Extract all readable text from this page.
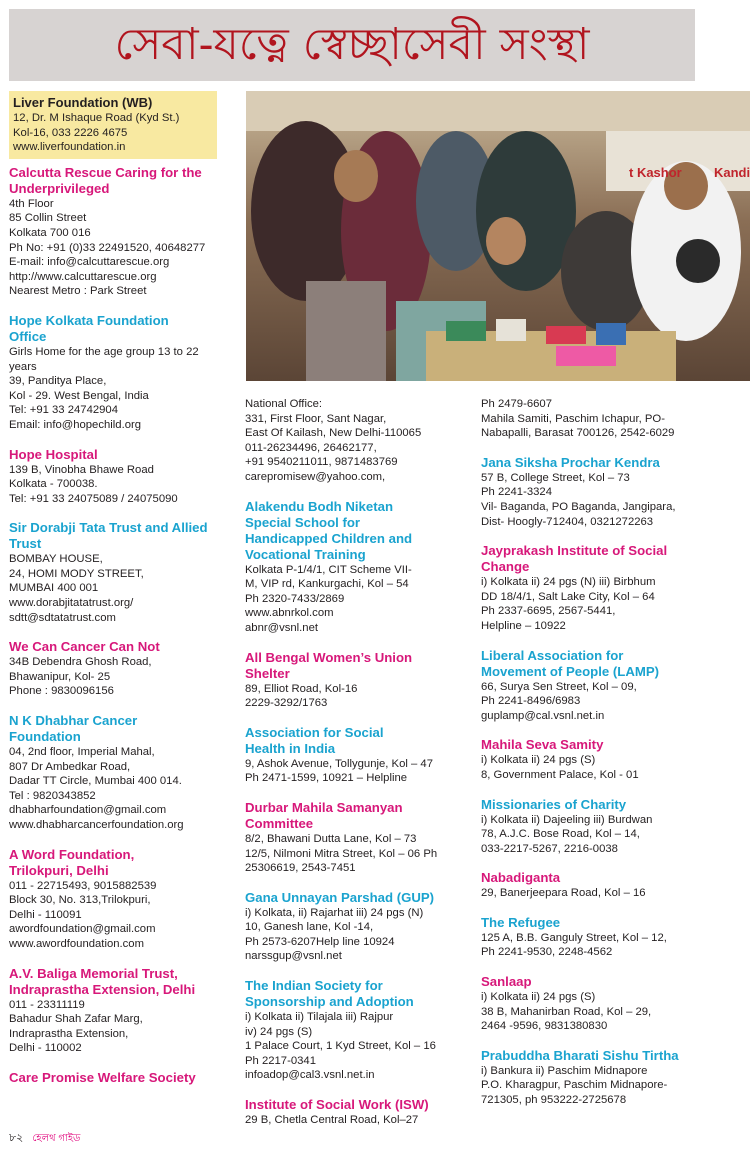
সেবা-যত্নে স্বেচ্ছাসেবী সংস্থা
t Kashor Kandi
Liver Foundation (WB)
12, Dr. M Ishaque Road (Kyd St.)
Kol-16, 033 2226 4675
www.liverfoundation.in
Calcutta Rescue Caring for the
Underprivileged
4th Floor
85 Collin Street
Kolkata 700 016
Ph No: +91 (0)33 22491520, 40648277
E-mail: info@calcuttarescue.org
http://www.calcuttarescue.org
Nearest Metro : Park Street
Hope Kolkata Foundation
Office
Girls Home for the age group 13 to 22
years
39, Panditya Place,
Kol - 29. West Bengal, India
Tel: +91 33 24742904
Email: info@hopechild.org
Hope Hospital
139 B, Vinobha Bhawe Road
Kolkata - 700038.
Tel: +91 33 24075089 / 24075090
Sir Dorabji Tata Trust and Allied
Trust
BOMBAY HOUSE,
24, HOMI MODY STREET,
MUMBAI 400 001
www.dorabjitatatrust.org/
sdtt@sdtatatrust.com
We Can Cancer Can Not
34B Debendra Ghosh Road,
Bhawanipur, Kol- 25
Phone : 9830096156
N K Dhabhar Cancer
Foundation
04, 2nd floor, Imperial Mahal,
807 Dr Ambedkar Road,
Dadar TT Circle, Mumbai 400 014.
Tel : 9820343852
dhabharfoundation@gmail.com
www.dhabharcancerfoundation.org
A Word Foundation,
Trilokpuri, Delhi
011 - 22715493, 9015882539
Block 30, No. 313,Trilokpuri,
Delhi - 110091
awordfoundation@gmail.com
www.awordfoundation.com
A.V. Baliga Memorial Trust,
Indraprastha Extension, Delhi
011 - 23311119
Bahadur Shah Zafar Marg,
Indraprastha Extension,
Delhi - 110002
Care Promise Welfare Society
National Office:
331, First Floor, Sant Nagar,
East Of Kailash, New Delhi-110065
011-26234496, 26462177,
+91 9540211011, 9871483769
carepromisew@yahoo.com,
Alakendu Bodh Niketan
Special School for
Handicapped Children and
Vocational Training
Kolkata P-1/4/1, CIT Scheme VII-
M, VIP rd, Kankurgachi, Kol – 54
Ph 2320-7433/2869
www.abnrkol.com
abnr@vsnl.net
All Bengal Women’s Union
Shelter
89, Elliot Road, Kol-16
2229-3292/1763
Association for Social
Health in India
9, Ashok Avenue, Tollygunje, Kol – 47
Ph 2471-1599, 10921 – Helpline
Durbar Mahila Samanyan
Committee
8/2, Bhawani Dutta Lane, Kol – 73
12/5, Nilmoni Mitra Street, Kol – 06 Ph
25306619, 2543-7451
Gana Unnayan Parshad (GUP)
i) Kolkata, ii) Rajarhat iii) 24 pgs (N)
10, Ganesh lane, Kol -14,
Ph 2573-6207Help line 10924
narssgup@vsnl.net
The Indian Society for
Sponsorship and Adoption
i) Kolkata ii) Tilajala iii) Rajpur
iv) 24 pgs (S)
1 Palace Court, 1 Kyd Street, Kol – 16
Ph 2217-0341
infoadop@cal3.vsnl.net.in
Institute of Social Work (ISW)
29 B, Chetla Central Road, Kol–27
Ph 2479-6607
Mahila Samiti, Paschim Ichapur, PO-
Nabapalli, Barasat 700126, 2542-6029
Jana Siksha Prochar Kendra
57 B, College Street, Kol – 73
Ph 2241-3324
Vil- Baganda, PO Baganda, Jangipara,
Dist- Hoogly-712404, 0321272263
Jayprakash Institute of Social
Change
i) Kolkata ii) 24 pgs (N) iii) Birbhum
DD 18/4/1, Salt Lake City, Kol – 64
Ph 2337-6695, 2567-5441,
Helpline – 10922
Liberal Association for
Movement of People (LAMP)
66, Surya Sen Street, Kol – 09,
Ph 2241-8496/6983
guplamp@cal.vsnl.net.in
Mahila Seva Samity
i) Kolkata ii) 24 pgs (S)
8, Government Palace, Kol - 01
Missionaries of Charity
i) Kolkata ii) Dajeeling iii) Burdwan
78, A.J.C. Bose Road, Kol – 14,
033-2217-5267, 2216-0038
Nabadiganta
29, Banerjeepara Road, Kol – 16
The Refugee
125 A, B.B. Ganguly Street, Kol – 12,
Ph 2241-9530, 2248-4562
Sanlaap
i) Kolkata ii) 24 pgs (S)
38 B, Mahanirban Road, Kol – 29,
2464 -9596, 9831380830
Prabuddha Bharati Sishu Tirtha
i) Bankura ii) Paschim Midnapore
P.O. Kharagpur, Paschim Midnapore-
721305, ph 953222-2725678
৮২ হেলথ গাইড
